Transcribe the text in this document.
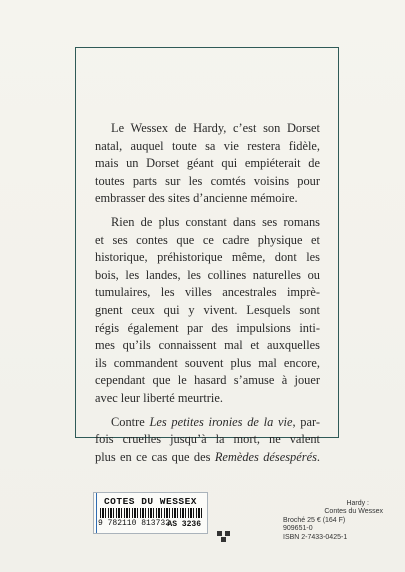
Le Wessex de Hardy, c’est son Dorset
natal, auquel toute sa vie restera fidèle,
mais un Dorset géant qui empiéterait de
toutes parts sur les comtés voisins pour
embrasser des sites d’ancienne mémoire.
Rien de plus constant dans ses romans
et ses contes que ce cadre physique et
historique, préhistorique même, dont les
bois, les landes, les collines naturelles ou
tumulaires, les villes ancestrales imprè-
gnent ceux qui y vivent. Lesquels sont
régis également par des impulsions inti-
mes qu’ils connaissent mal et auxquelles
ils commandent souvent plus mal encore,
cependant que le hasard s’amuse à jouer
avec leur liberté meurtrie.
Contre Les petites ironies de la vie, par-
fois cruelles jusqu’à la mort, ne valent
plus en ce cas que des Remèdes désespérés.
COTES DU WESSEX
9 782110 813732
AS 3236
Hardy :
Contes du Wessex
Broché 25 € (164 F)
909651-0
ISBN 2-7433-0425-1
